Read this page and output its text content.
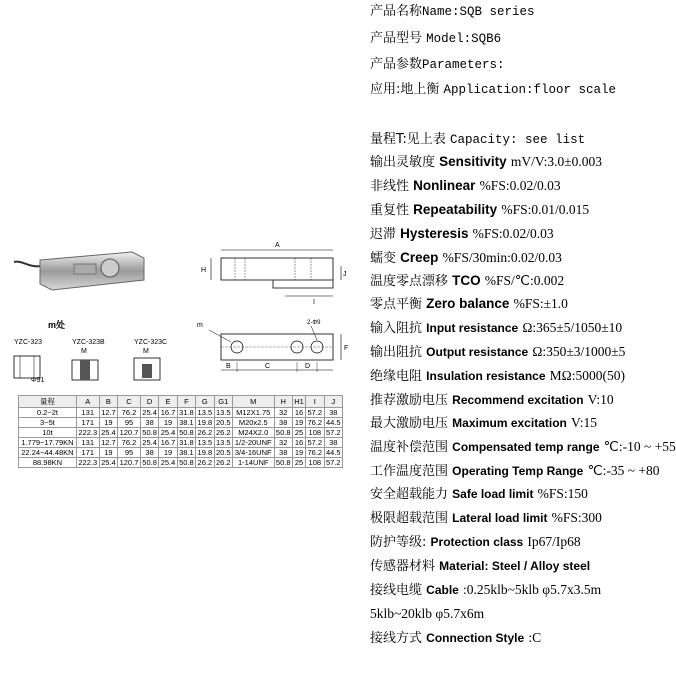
产品名称Name:SQB series
产品型号 Model:SQB6
产品参数Parameters:
应用:地上衡 Application:floor scale
量程T:见上表 Capacity: see list
输出灵敏度 Sensitivity mV/V:3.0±0.003
非线性 Nonlinear %FS:0.02/0.03
重复性 Repeatability %FS:0.01/0.015
迟滞 Hysteresis %FS:0.02/0.03
蠕变 Creep %FS/30min:0.02/0.03
温度零点漂移 TCO %FS/℃:0.002
零点平衡 Zero balance %FS:±1.0
输入阻抗 Input resistance Ω:365±5/1050±10
输出阻抗 Output resistance Ω:350±3/1000±5
绝缘电阻 Insulation resistance MΩ:5000(50)
推荐激励电压 Recommend excitation V:10
最大激励电压 Maximum excitation V:15
温度补偿范围 Compensated temp range ℃:-10 ~ +55
工作温度范围 Operating Temp Range ℃:-35 ~ +80
安全超载能力 Safe load limit %FS:150
极限超载范围 Lateral load limit %FS:300
防护等级: Protection class Ip67/Ip68
传感器材料 Material: Steel / Alloy steel
接线电缆 Cable :0.25klb~5klb φ5.7x3.5m
5klb~20klb φ5.7x6m
接线方式 Connection Style :C
A
H
J
I
m	2-Φ9
B	C	D
F
m处
YZC-323	YZC-323B	YZC-323C
M	M
Φ91
量程	A	B	C	D	E	F	G	G1	M	H	H1	I	J
0.2~2t	131	12.7	76.2	25.4	16.7	31.8	13.5	13.5	M12X1.75	32	16	57.2	38
3~5t	171	19	95	38	19	38.1	19.8	20.5	M20x2.5	38	19	76.2	44.5
10t	222.3	25.4	120.7	50.8	25.4	50.8	26.2	26.2	M24X2.0	50.8	25	108	57.2
1.779~17.79KN	131	12.7	76.2	25.4	16.7	31.8	13.5	13.5	1/2-20UNF	32	16	57.2	38
22.24~44.48KN	171	19	95	38	19	38.1	19.8	20.5	3/4-16UNF	38	19	76.2	44.5
88.98KN	222.3	25.4	120.7	50.8	25.4	50.8	26.2	26.2	1-14UNF	50.8	25	108	57.2
